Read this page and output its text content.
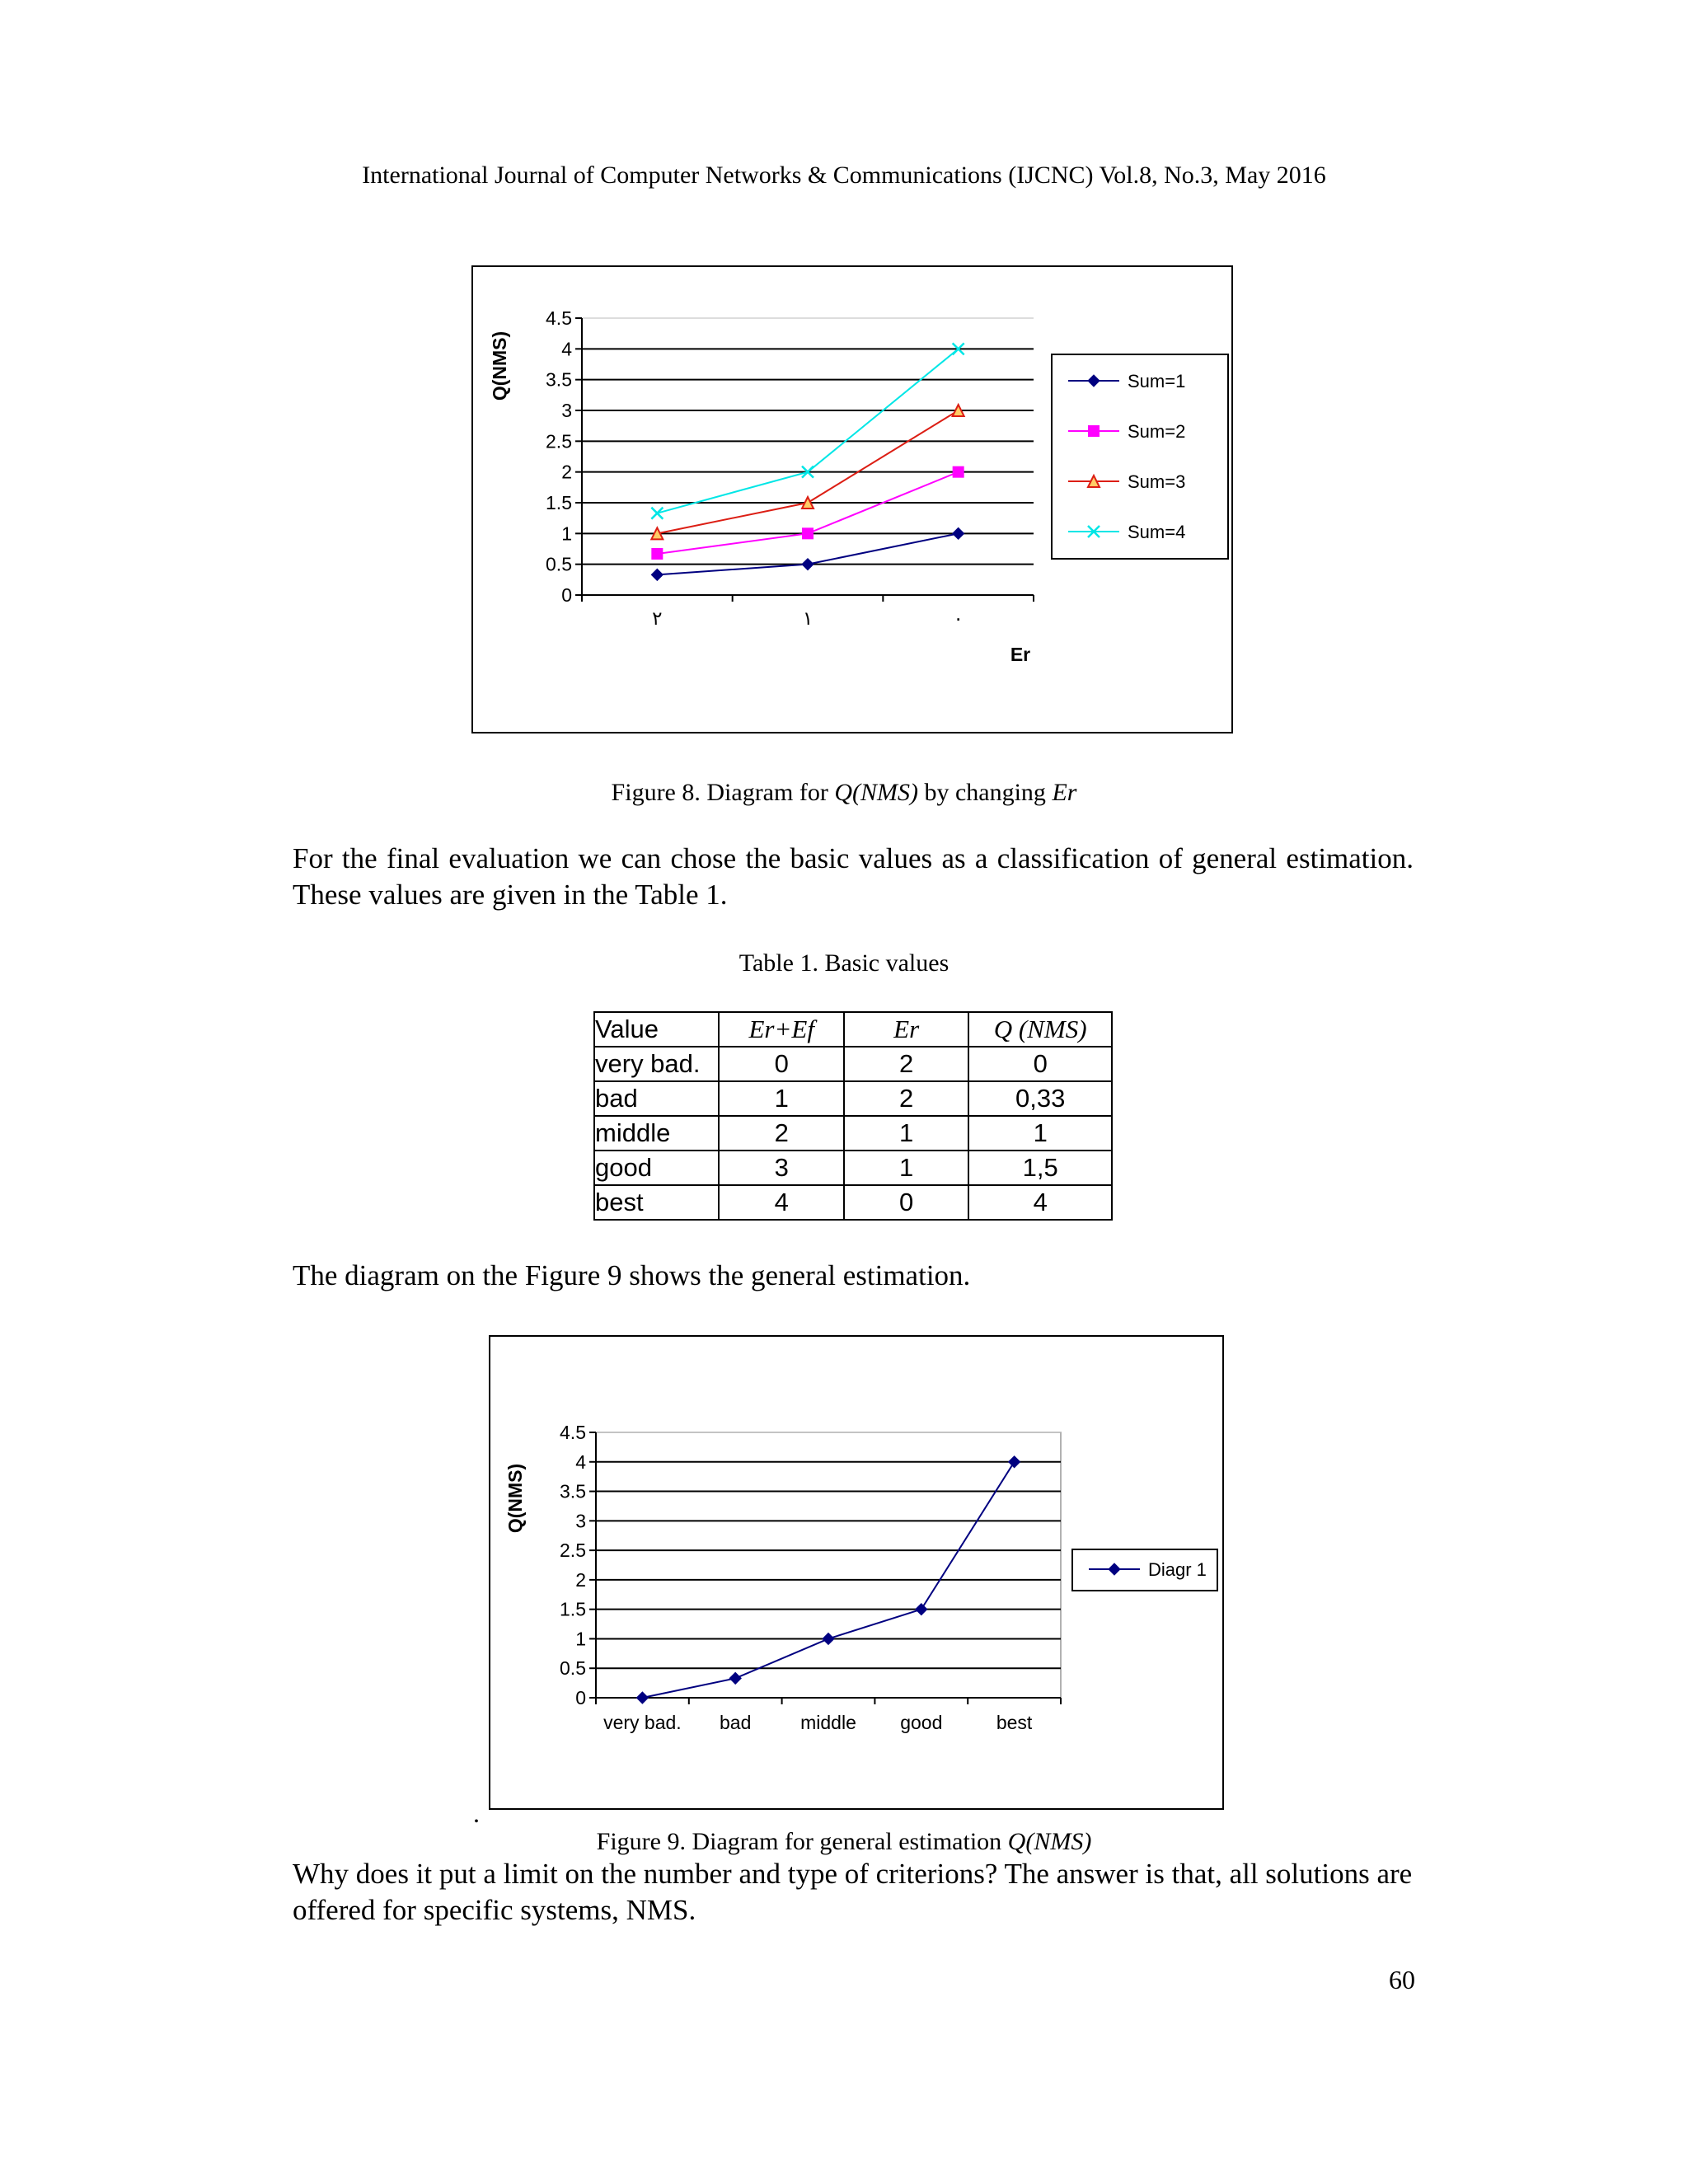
International Journal of Computer Networks & Communications (IJCNC) Vol.8, No.3, May 2016
0
0.5
1
1.5
2
2.5
3
3.5
4
4.5
٢	١	٠
Q(NMS)
Er
Sum=1
Sum=2
Sum=3
Sum=4
Figure 8. Diagram for Q(NMS) by changing Er
For the final evaluation we can chose the basic values as a classification of general estimation. These values are given in the Table 1.
Table 1. Basic values
Value	Er+Ef	Er	Q (NMS)
very bad.	0	2	0
bad	1	2	0,33
middle	2	1	1
good	3	1	1,5
best	4	0	4
The diagram on the Figure 9 shows the general estimation.
0
0.5
1
1.5
2
2.5
3
3.5
4
4.5
very bad. bad	middle good	best
Q(NMS)
Diagr 1
.
Figure 9. Diagram for general estimation Q(NMS)
Why does it put a limit on the number and type of criterions? The answer is that, all solutions are offered for specific systems, NMS.
60
